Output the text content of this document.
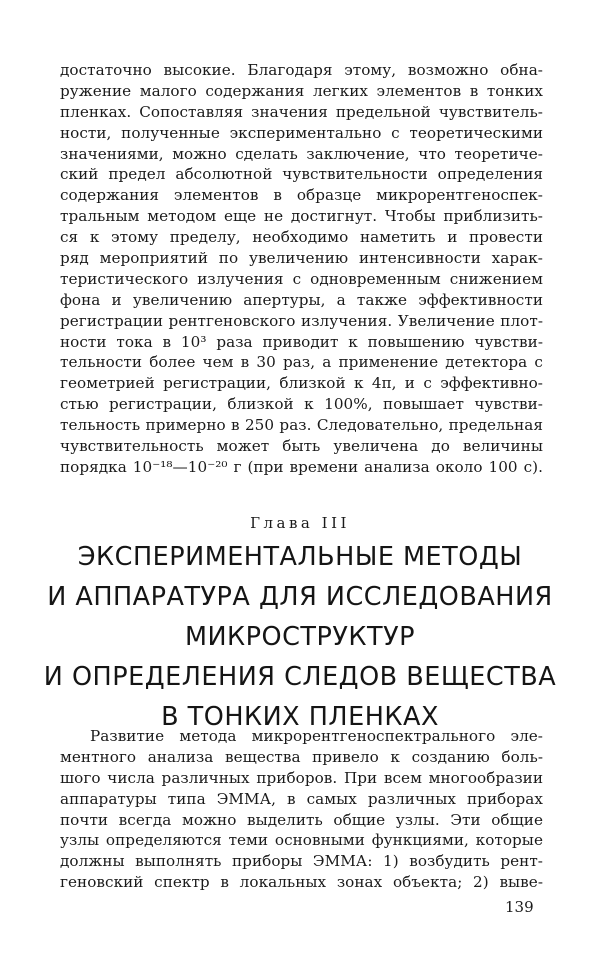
достаточно высокие. Благодаря этому, возможно обна-
ружение малого содержания легких элементов в тонких
пленках. Сопоставляя значения предельной чувствитель-
ности, полученные экспериментально с теоретическими
значениями, можно сделать заключение, что теоретиче-
ский предел абсолютной чувствительности определения
содержания элементов в образце микрорентгеноспек-
тральным методом еще не достигнут. Чтобы приблизить-
ся к этому пределу, необходимо наметить и провести
ряд мероприятий по увеличению интенсивности харак-
теристического излучения с одновременным снижением
фона и увеличению апертуры, а также эффективности
регистрации рентгеновского излучения. Увеличение плот-
ности тока в 10³ раза приводит к повышению чувстви-
тельности более чем в 30 раз, а применение детектора с
геометрией регистрации, близкой к 4π, и с эффективно-
стью регистрации, близкой к 100%, повышает чувстви-
тельность примерно в 250 раз. Следовательно, предельная
чувствительность может быть увеличена до величины
порядка 10⁻¹⁸—10⁻²⁰ г (при времени анализа около 100 с).
Глава III
ЭКСПЕРИМЕНТАЛЬНЫЕ МЕТОДЫ
И АППАРАТУРА ДЛЯ ИССЛЕДОВАНИЯ
МИКРОСТРУКТУР
И ОПРЕДЕЛЕНИЯ СЛЕДОВ ВЕЩЕСТВА
В ТОНКИХ ПЛЕНКАХ
Развитие метода микрорентгеноспектрального эле-
ментного анализа вещества привело к созданию боль-
шого числа различных приборов. При всем многообразии
аппаратуры типа ЭММА, в самых различных приборах
почти всегда можно выделить общие узлы. Эти общие
узлы определяются теми основными функциями, которые
должны выполнять приборы ЭММА: 1) возбудить рент-
геновский спектр в локальных зонах объекта; 2) выве-
139
